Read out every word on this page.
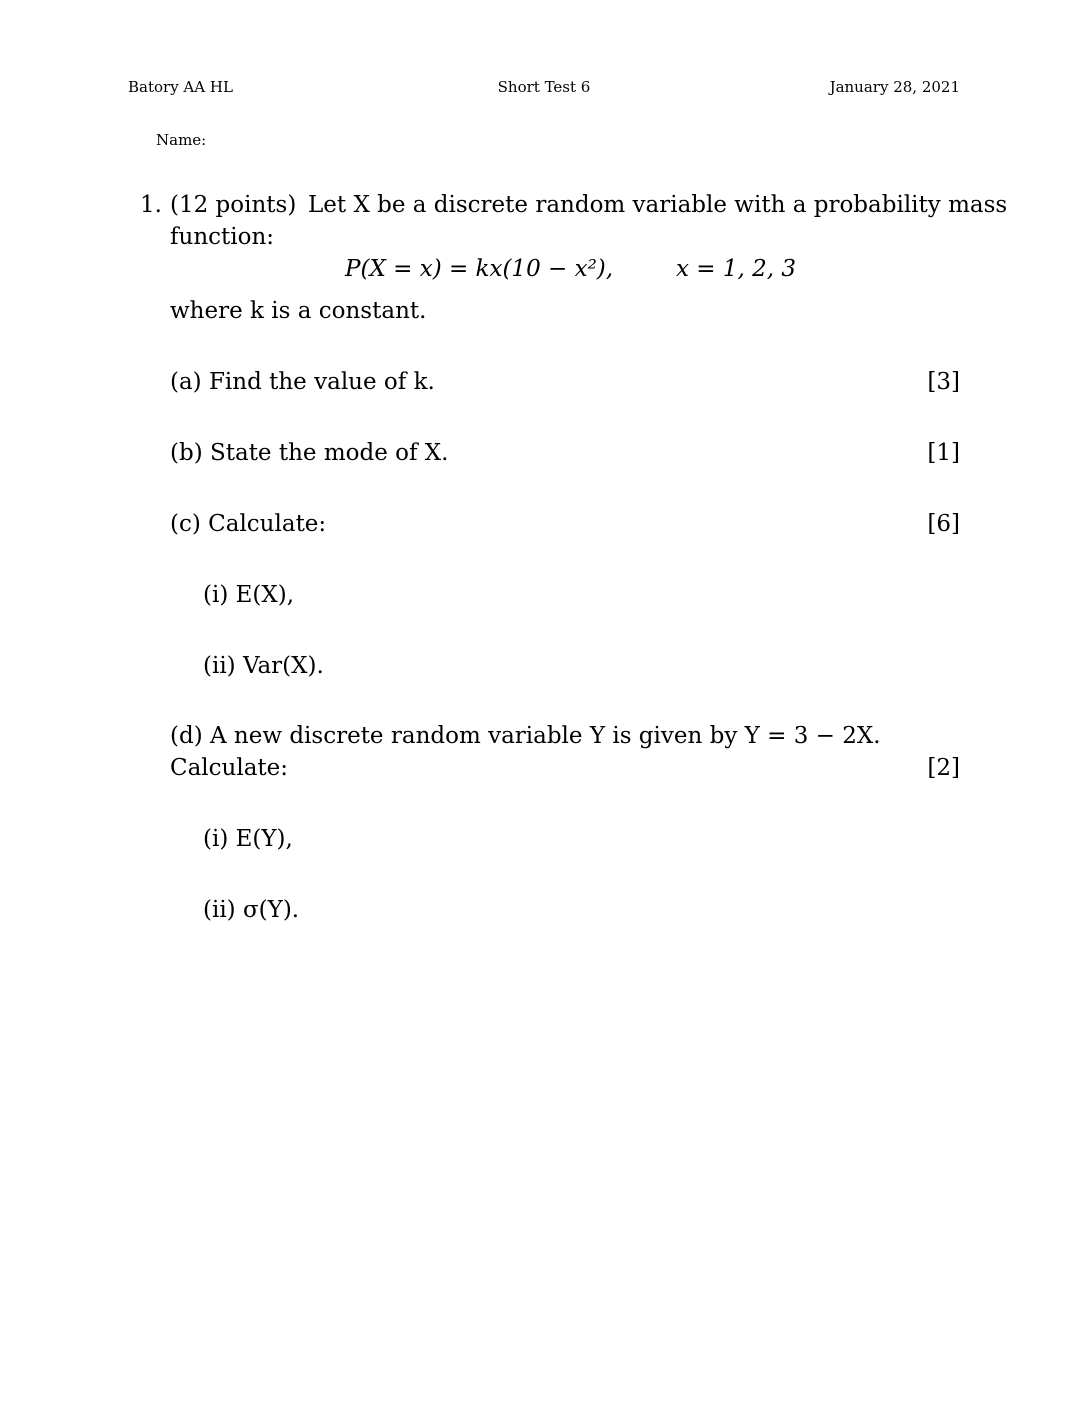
Batory AA HL	Short Test 6	January 28, 2021
Name:
1. (12 points) Let X be a discrete random variable with a probability mass
function:
P(X = x) = kx(10 − x²),	x = 1, 2, 3
where k is a constant.
(a) Find the value of k.	[3]
(b) State the mode of X.	[1]
(c) Calculate:	[6]
(i) E(X),
(ii) Var(X).
(d) A new discrete random variable Y is given by Y = 3 − 2X.
Calculate:	[2]
(i) E(Y),
(ii) σ(Y).
